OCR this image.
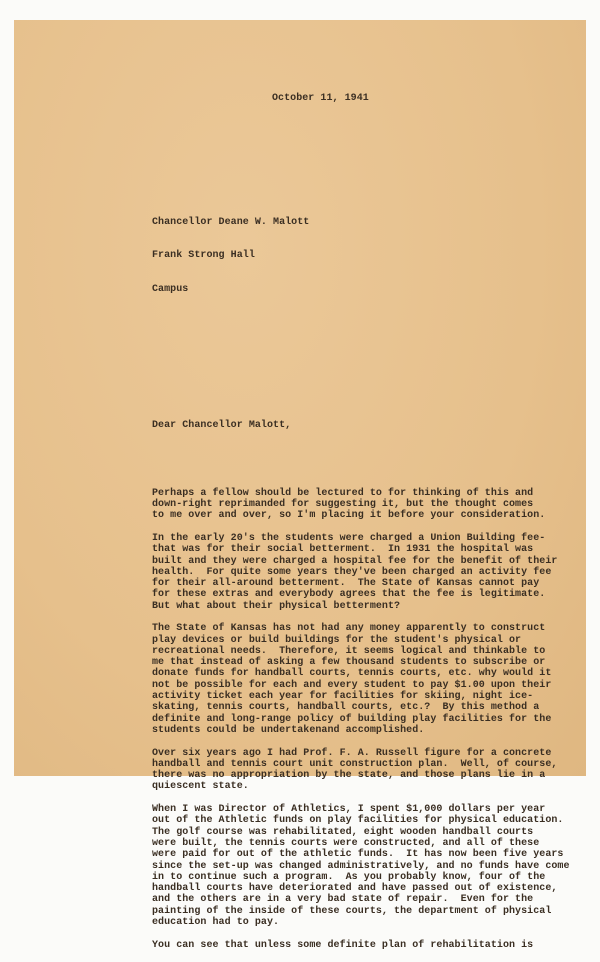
October 11, 1941

Chancellor Deane W. Malott

Frank Strong Hall

Campus

Dear Chancellor Malott,

Perhaps a fellow should be lectured to for thinking of this and
down-right reprimanded for suggesting it, but the thought comes
to me over and over, so I'm placing it before your consideration.
In the early 20's the students were charged a Union Building fee-
that was for their social betterment.  In 1931 the hospital was
built and they were charged a hospital fee for the benefit of their
health.  For quite some years they've been charged an activity fee
for their all-around betterment.  The State of Kansas cannot pay
for these extras and everybody agrees that the fee is legitimate.
But what about their physical betterment?
The State of Kansas has not had any money apparently to construct
play devices or build buildings for the student's physical or
recreational needs.  Therefore, it seems logical and thinkable to
me that instead of asking a few thousand students to subscribe or
donate funds for handball courts, tennis courts, etc. why would it
not be possible for each and every student to pay $1.00 upon their
activity ticket each year for facilities for skiing, night ice-
skating, tennis courts, handball courts, etc.?  By this method a
definite and long-range policy of building play facilities for the
students could be undertakenand accomplished.
Over six years ago I had Prof. F. A. Russell figure for a concrete
handball and tennis court unit construction plan.  Well, of course,
there was no appropriation by the state, and those plans lie in a
quiescent state.
When I was Director of Athletics, I spent $1,000 dollars per year
out of the Athletic funds on play facilities for physical education.
The golf course was rehabilitated, eight wooden handball courts
were built, the tennis courts were constructed, and all of these
were paid for out of the athletic funds.  It has now been five years
since the set-up was changed administratively, and no funds have come
in to continue such a program.  As you probably know, four of the
handball courts have deteriorated and have passed out of existence,
and the others are in a very bad state of repair.  Even for the
painting of the inside of these courts, the department of physical
education had to pay.
You can see that unless some definite plan of rehabilitation is
